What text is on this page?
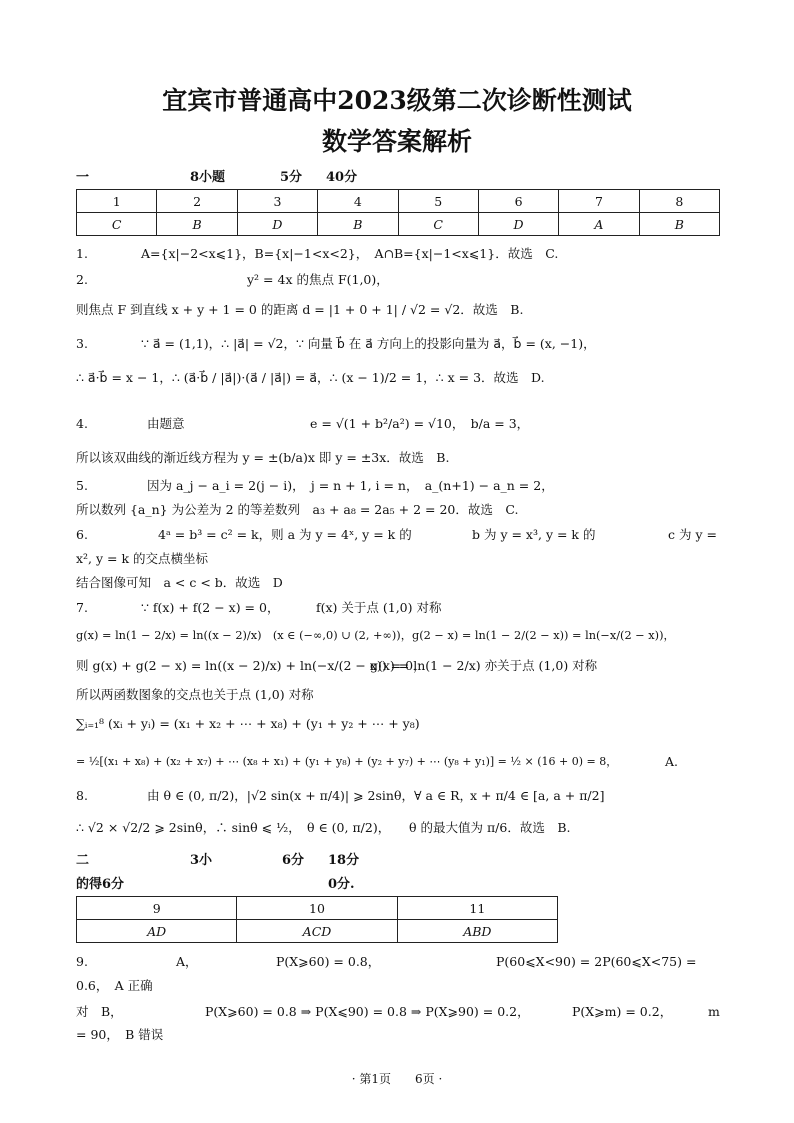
宜宾市普通高中2023级第二次诊断性测试
数学答案解析
一	8小题	5分 40分
1	2	3	4	5	6	7	8
C	B	D	B	C	D	A	B
1.	A={x|−2<x⩽1}，B={x|−1<x<2}，　A∩B={x|−1<x⩽1}．故选　C.
2.	y² = 4x 的焦点 F(1,0)，
则焦点 F 到直线 x + y + 1 = 0 的距离 d = |1 + 0 + 1| / √2 = √2．故选　B.
3.	∵ a⃗ = (1,1)，∴ |a⃗| = √2，∵ 向量 b⃗ 在 a⃗ 方向上的投影向量为 a⃗，b⃗ = (x, −1)，
∴ a⃗·b⃗ = x − 1，∴ (a⃗·b⃗ / |a⃗|)·(a⃗ / |a⃗|) = a⃗，∴ (x − 1)/2 = 1，∴ x = 3．故选　D.
4.	由题意	e = √(1 + b²/a²) = √10，　b/a = 3，
所以该双曲线的渐近线方程为 y = ±(b/a)x 即 y = ±3x．故选　B.
5.	因为 a_j − a_i = 2(j − i)，　j = n + 1, i = n，　a_(n+1) − a_n = 2，
所以数列 {a_n} 为公差为 2 的等差数列　a₃ + a₈ = 2a₅ + 2 = 20．故选　C.
6.	4ᵃ = b³ = c² = k，则 a 为 y = 4ˣ, y = k 的	b 为 y = x³, y = k 的	c 为 y =
x², y = k 的交点横坐标
结合图像可知　a < c < b．故选　D
7.	∵ f(x) + f(2 − x) = 0，	f(x) 关于点 (1,0) 对称
g(x) = ln(1 − 2/x) = ln((x − 2)/x)　(x ∈ (−∞,0) ∪ (2, +∞))，g(2 − x) = ln(1 − 2/(2 − x)) = ln(−x/(2 − x))，
则 g(x) + g(2 − x) = ln((x − 2)/x) + ln(−x/(2 − x)) = 0，
g(x) = ln(1 − 2/x) 亦关于点 (1,0) 对称
所以两函数图象的交点也关于点 (1,0) 对称
∑ᵢ₌₁⁸ (xᵢ + yᵢ) = (x₁ + x₂ + ⋯ + x₈) + (y₁ + y₂ + ⋯ + y₈)
= ½[(x₁ + x₈) + (x₂ + x₇) + ⋯ (x₈ + x₁) + (y₁ + y₈) + (y₂ + y₇) + ⋯ (y₈ + y₁)] = ½ × (16 + 0) = 8，	A.
8.	由 θ ∈ (0, π/2)，|√2 sin(x + π/4)| ⩾ 2sinθ，∀ a ∈ R，
x + π/4 ∈ [a, a + π/2]
∴ √2 × √2/2 ⩾ 2sinθ，∴ sinθ ⩽ ½，　θ ∈ (0, π/2)，　　θ 的最大值为 π/6．故选　B.
二	3小	6分 18分
的得6分	0分.
9	10	11
AD	ACD	ABD
9.	A，	P(X⩾60) = 0.8，	P(60⩽X<90) = 2P(60⩽X<75) =
0.6，　A 正确
对　B，	P(X⩾60) = 0.8 ⇒ P(X⩽90) = 0.8 ⇒ P(X⩾90) = 0.2，	P(X⩾m) = 0.2，	m
= 90，　B 错误
· 第1页　　6页 ·
